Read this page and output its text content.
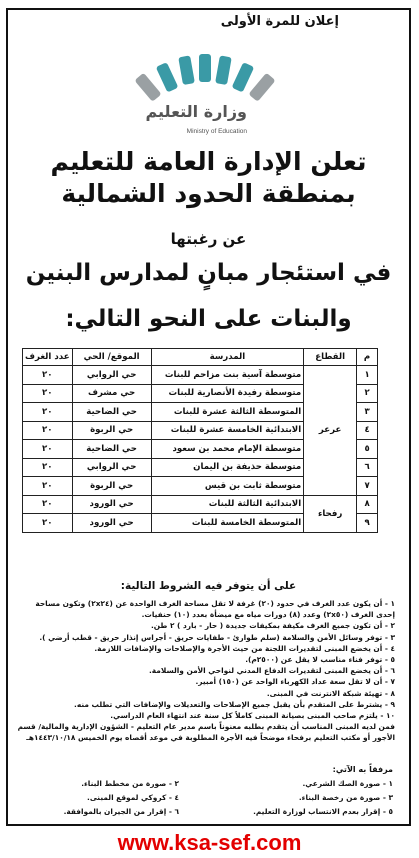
إعلان للمرة الأولى
وزارة التعليم
Ministry of Education
تعلن الإدارة العامة للتعليم
بمنطقة الحدود الشمالية
عن رغبتها
في استئجار مبانٍ لمدارس البنين
والبنات على النحو التالي:
م	القطاع	المدرسة	الموقع/ الحي	عدد الغرف
١	عرعر	متوسطة آسية بنت مزاحم للبنات	حي الروابي	٢٠
٢		متوسطة رفيدة الأنصارية للبنات	حي مشرف	٢٠
٣		المتوسطة الثالثة عشرة للبنات	حي الضاحية	٢٠
٤		الابتدائية الخامسة عشرة للبنات	حي الربوة	٢٠
٥		متوسطة الإمام محمد بن سعود	حي الضاحية	٢٠
٦		متوسطة حذيفة بن اليمان	حي الروابي	٢٠
٧		متوسطة ثابت بن قيس	حي الربوة	٢٠
٨	رفحاء	الابتدائية الثالثة للبنات	حي الورود	٢٠
٩		المتوسطة الخامسة للبنات	حي الورود	٢٠
على أن يتوفر فيه الشروط التالية:
١ - أن يكون عدد الغرف في حدود (٢٠) غرفة لا تقل مساحة الغرف الواحدة عن (٢x٢٤) وتكون مساحة
إحدى الغرف (٢x٥٠) وعدد (٨) دورات مياه مع ميضأة بعدد (١٠) حنفيات.
٢ - أن تكون جميع الغرف مكيفة بمكيفات جديدة ( حار - بارد ) ٢ طن.
٣ - توفر وسائل الأمن والسلامة (سلم طوارئ - طفايات حريق - أجراس إنذار حريق - قطب أرضي ).
٤ - أن يخضع المبنى لتقديرات اللجنة من حيث الأجرة والإصلاحات والإضافات اللازمة.
٥ - توفر فناء مناسب لا يقل عن (٢٥٠٠م).
٦ - أن يخضع المبنى لتقديرات الدفاع المدني لنواحي الأمن والسلامة.
٧ - أن لا تقل سعة عداد الكهرباء الواحد عن (١٥٠) أمبير.
٨ - تهيئة شبكة الانترنت في المبنى.
٩ - يشترط على المتقدم بأن يقبل جميع الإصلاحات والتعديلات والإضافات التي تطلب منه.
١٠ - يلتزم صاحب المبنى بصيانة المبنى كاملاً كل سنة عند انتهاء العام الدراسي.
فمن لديه المبنى المناسب أن يتقدم بطلبه معنوناً باسم مدير عام التعليم - الشؤون الإدارية والمالية/ قسم
الأجور أو مكتب التعليم برفحاء موضحاً فيه الأجرة المطلوبة في موعد أقصاه يوم الخميس ١٤٤٣/١٠/١٨هـ
مرفقاً به الآتي:
١ - صورة الصك الشرعي.
٢ - صورة من مخطط البناء.
٣ - صورة من رخصة البناء.
٤ - كروكي لموقع المبنى.
٥ - إقرار بعدم الانتساب لوزارة التعليم.
٦ - إقرار من الجيران بالموافقة.
www.ksa-sef.com
